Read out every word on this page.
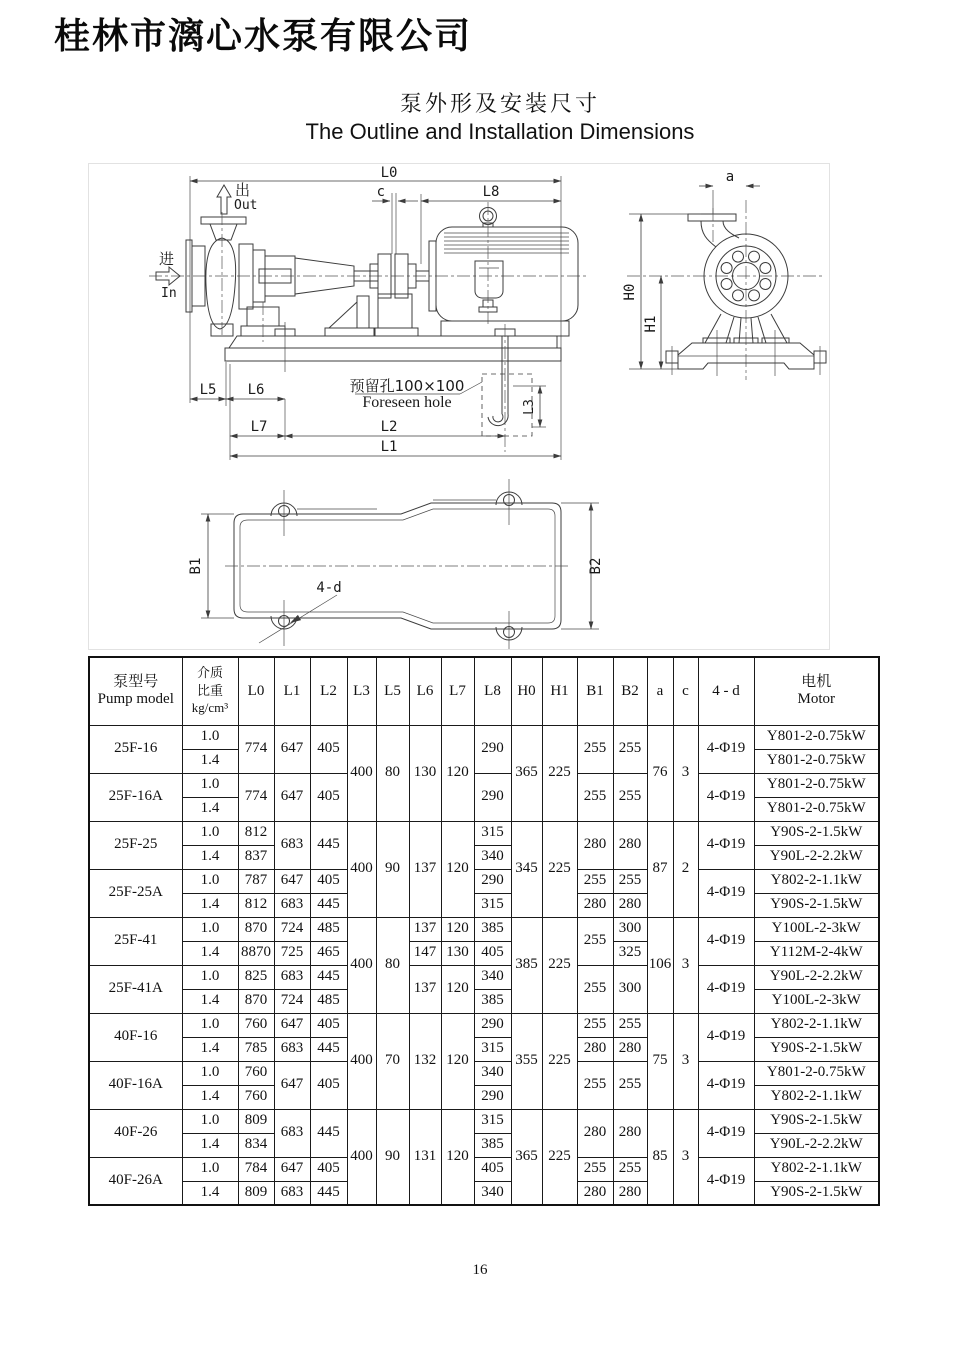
桂林市漓心水泵有限公司
泵外形及安装尺寸
The Outline and Installation Dimensions
L0
c	L8
出
Out
进
In
L3
L5 L6
L7	L2
L1
预留孔100×100
Foreseen hole
a
H0
H1
B1	B2
4-d
泵型号
Pump model	介质
比重
kg/cm³	L0	L1	L2	L3	L5	L6	L7	L8	H0	H1	B1	B2	a	c	4 - d	电机
Motor
25F-16	1.0	774	647	405	400	80	130	120	290	365	225	255	255	76	3	4-Φ19	Y801-2-0.75kW
	1.4																Y801-2-0.75kW
25F-16A	1.0	774	647	405					290			255	255			4-Φ19	Y801-2-0.75kW
	1.4																Y801-2-0.75kW
25F-25	1.0	812	683	445	400	90	137	120	315	345	225	280	280	87	2	4-Φ19	Y90S-2-1.5kW
	1.4	837							340								Y90L-2-2.2kW
25F-25A	1.0	787	647	405					290			255	255			4-Φ19	Y802-2-1.1kW
	1.4	812	683	445					315			280	280				Y90S-2-1.5kW
25F-41	1.0	870	724	485	400	80	137	120	385	385	225	255	300	106	3	4-Φ19	Y100L-2-3kW
	1.4	8870	725	465			147	130	405				325				Y112M-2-4kW
25F-41A	1.0	825	683	445			137	120	340			255	300			4-Φ19	Y90L-2-2.2kW
	1.4	870	724	485					385								Y100L-2-3kW
40F-16	1.0	760	647	405	400	70	132	120	290	355	225	255	255	75	3	4-Φ19	Y802-2-1.1kW
	1.4	785	683	445					315			280	280				Y90S-2-1.5kW
40F-16A	1.0	760	647	405					340			255	255			4-Φ19	Y801-2-0.75kW
	1.4	760							290								Y802-2-1.1kW
40F-26	1.0	809	683	445	400	90	131	120	315	365	225	280	280	85	3	4-Φ19	Y90S-2-1.5kW
	1.4	834							385								Y90L-2-2.2kW
40F-26A	1.0	784	647	405					405			255	255			4-Φ19	Y802-2-1.1kW
	1.4	809	683	445					340			280	280				Y90S-2-1.5kW
16
